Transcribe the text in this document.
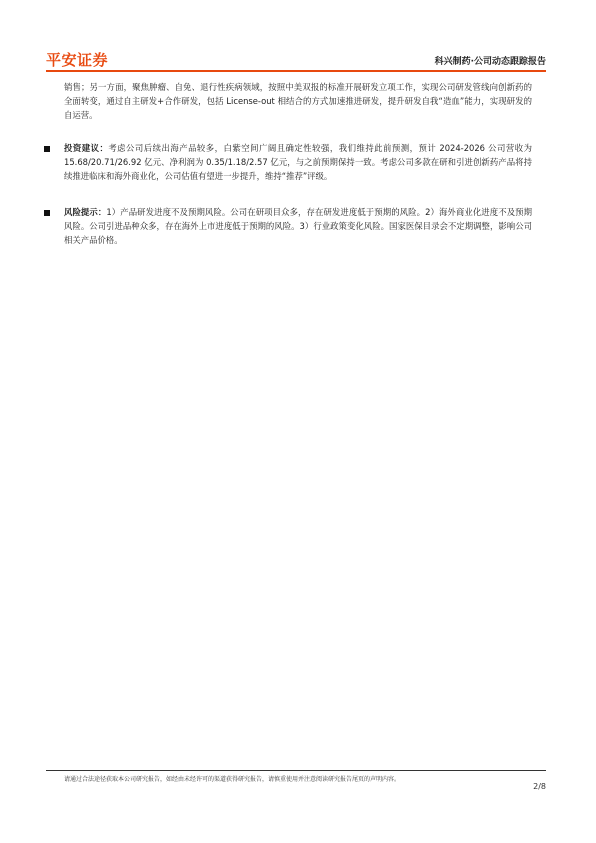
平安证券	科兴制药·公司动态跟踪报告
销售；另一方面，聚焦肿瘤、自免、退行性疾病领域，按照中美双报的标准开展研发立项工作，实现公司研发管线向创新药的全面转变，通过自主研发+合作研发，包括 License-out 相结合的方式加速推进研发，提升研发自我“造血”能力，实现研发的自运营。
投资建议：考虑公司后续出海产品较多，白紫空间广阔且确定性较强，我们维持此前预测，预计 2024-2026 公司营收为 15.68/20.71/26.92 亿元、净利润为 0.35/1.18/2.57 亿元，与之前预期保持一致。考虑公司多款在研和引进创新药产品将持续推进临床和海外商业化，公司估值有望进一步提升，维持“推荐”评级。
风险提示：1）产品研发进度不及预期风险。公司在研项目众多，存在研发进度低于预期的风险。2）海外商业化进度不及预期风险。公司引进品种众多，存在海外上市进度低于预期的风险。3）行业政策变化风险。国家医保目录会不定期调整，影响公司相关产品价格。
请通过合法途径获取本公司研究报告，如经由未经许可的渠道获得研究报告，请慎重使用并注意阅读研究报告尾页的声明内容。
2/8
